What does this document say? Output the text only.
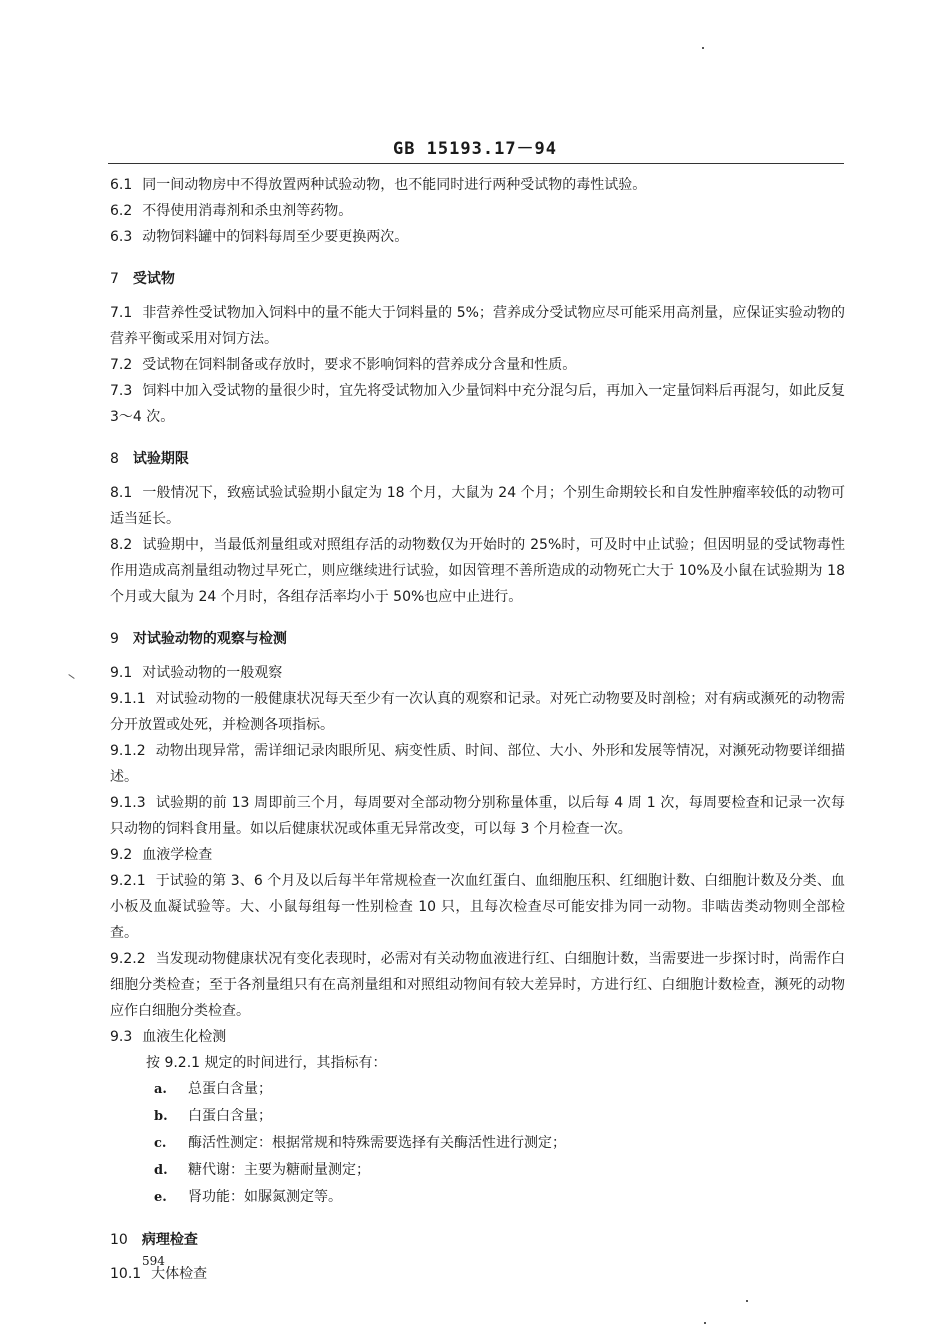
GB 15193.17－94

6.1 同一间动物房中不得放置两种试验动物，也不能同时进行两种受试物的毒性试验。

6.2 不得使用消毒剂和杀虫剂等药物。

6.3 动物饲料罐中的饲料每周至少要更换两次。

7 受试物

7.1 非营养性受试物加入饲料中的量不能大于饲料量的 5%；营养成分受试物应尽可能采用高剂量，应保证实验动物的营养平衡或采用对饲方法。

7.2 受试物在饲料制备或存放时，要求不影响饲料的营养成分含量和性质。

7.3 饲料中加入受试物的量很少时，宜先将受试物加入少量饲料中充分混匀后，再加入一定量饲料后再混匀，如此反复 3～4 次。

8 试验期限

8.1 一般情况下，致癌试验试验期小鼠定为 18 个月，大鼠为 24 个月；个别生命期较长和自发性肿瘤率较低的动物可适当延长。

8.2 试验期中，当最低剂量组或对照组存活的动物数仅为开始时的 25%时，可及时中止试验；但因明显的受试物毒性作用造成高剂量组动物过早死亡，则应继续进行试验，如因管理不善所造成的动物死亡大于 10%及小鼠在试验期为 18 个月或大鼠为 24 个月时，各组存活率均小于 50%也应中止进行。

9 对试验动物的观察与检测

9.1 对试验动物的一般观察

9.1.1 对试验动物的一般健康状况每天至少有一次认真的观察和记录。对死亡动物要及时剖检；对有病或濒死的动物需分开放置或处死，并检测各项指标。

9.1.2 动物出现异常，需详细记录肉眼所见、病变性质、时间、部位、大小、外形和发展等情况，对濒死动物要详细描述。

9.1.3 试验期的前 13 周即前三个月，每周要对全部动物分别称量体重，以后每 4 周 1 次，每周要检查和记录一次每只动物的饲料食用量。如以后健康状况或体重无异常改变，可以每 3 个月检查一次。

9.2 血液学检查

9.2.1 于试验的第 3、6 个月及以后每半年常规检查一次血红蛋白、血细胞压积、红细胞计数、白细胞计数及分类、血小板及血凝试验等。大、小鼠每组每一性别检查 10 只，且每次检查尽可能安排为同一动物。非啮齿类动物则全部检查。

9.2.2 当发现动物健康状况有变化表现时，必需对有关动物血液进行红、白细胞计数，当需要进一步探讨时，尚需作白细胞分类检查；至于各剂量组只有在高剂量组和对照组动物间有较大差异时，方进行红、白细胞计数检查，濒死的动物应作白细胞分类检查。

9.3 血液生化检测

按 9.2.1 规定的时间进行，其指标有：

a. 总蛋白含量；

b. 白蛋白含量；

c. 酶活性测定：根据常规和特殊需要选择有关酶活性进行测定；

d. 糖代谢：主要为糖耐量测定；

e. 肾功能：如脲氮测定等。

10 病理检查

10.1 大体检查

594
